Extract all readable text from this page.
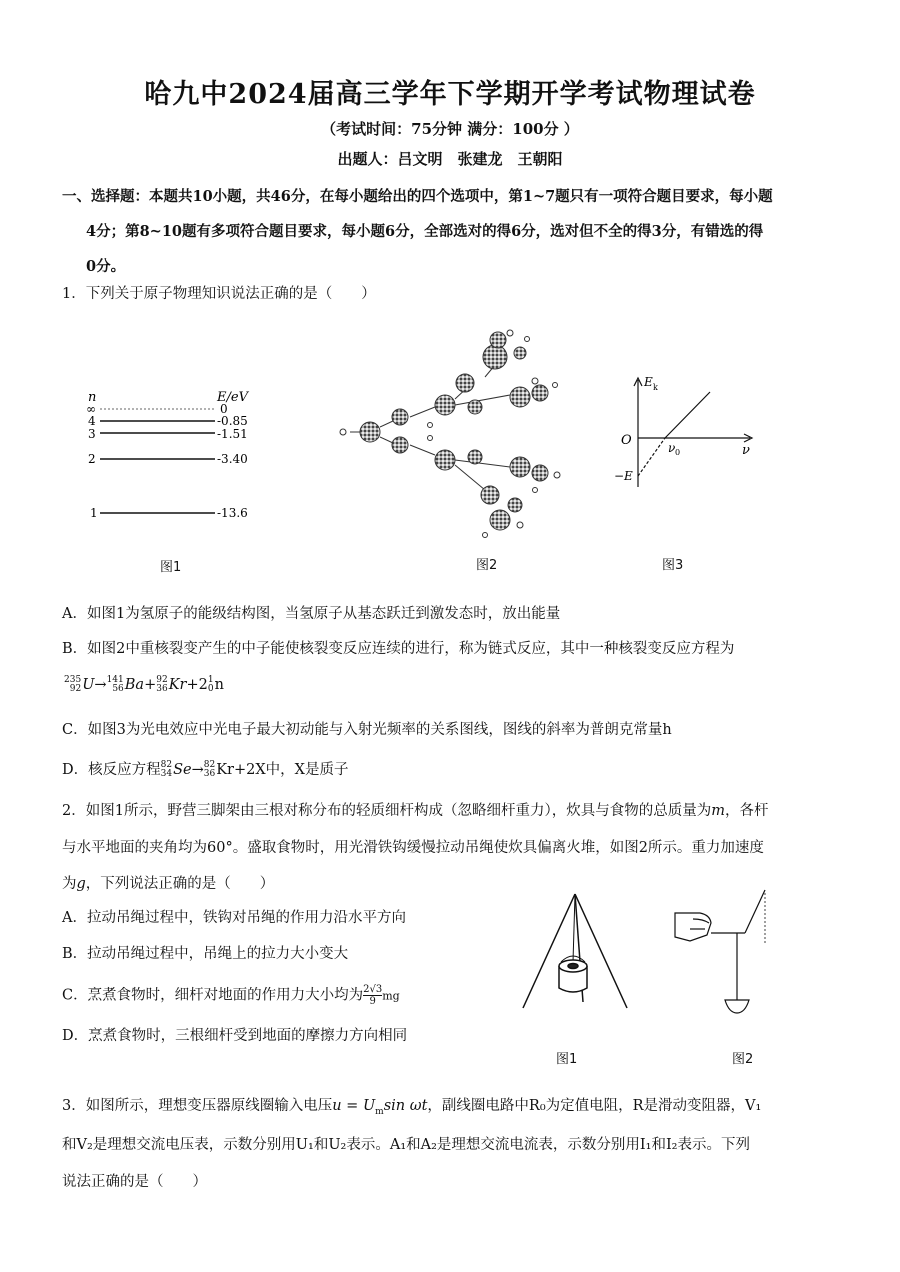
哈九中2024届高三学年下学期开学考试物理试卷
（考试时间：75分钟 满分：100分 ）
出题人：吕文明　张建龙　王朝阳
一、选择题：本题共10小题，共46分，在每小题给出的四个选项中，第1~7题只有一项符合题目要求，每小题
4分；第8~10题有多项符合题目要求，每小题6分，全部选对的得6分，选对但不全的得3分，有错选的得
0分。
1．下列关于原子物理知识说法正确的是（　　）
n	E/eV
∞	0
4	-0.85
3	-1.51
2	-3.40
1	-13.6
图1	图2
E k
O
ν
ν 0
−E
图3
A．如图1为氢原子的能级结构图，当氢原子从基态跃迁到激发态时，放出能量
B．如图2中重核裂变产生的中子能使核裂变反应连续的进行，称为链式反应，其中一种核裂变反应方程为
235
92 U→ 141
56 Ba+ 92
36 Kr+2 1
0 n
C．如图3为光电效应中光电子最大初动能与入射光频率的关系图线，图线的斜率为普朗克常量h
D．核反应方程 82
34 Se→ 82
36 Kr+2X中，X是质子
2．如图1所示，野营三脚架由三根对称分布的轻质细杆构成（忽略细杆重力），炊具与食物的总质量为m，各杆
与水平地面的夹角均为60°。盛取食物时，用光滑铁钩缓慢拉动吊绳使炊具偏离火堆，如图2所示。重力加速度
为g，下列说法正确的是（　　）
A．拉动吊绳过程中，铁钩对吊绳的作用力沿水平方向
B．拉动吊绳过程中，吊绳上的拉力大小变大
C．烹煮食物时，细杆对地面的作用力大小均为 $\frac{2√3}{9}$ mg
D．烹煮食物时，三根细杆受到地面的摩擦力方向相同
图1	图2
3．如图所示，理想变压器原线圈输入电压$u = U_m\sin$ ωt，副线圈电路中R₀为定值电阻，R是滑动变阻器，V₁
和V₂是理想交流电压表，示数分别用U₁和U₂表示。A₁和A₂是理想交流电流表，示数分别用I₁和I₂表示。下列
说法正确的是（　　）
